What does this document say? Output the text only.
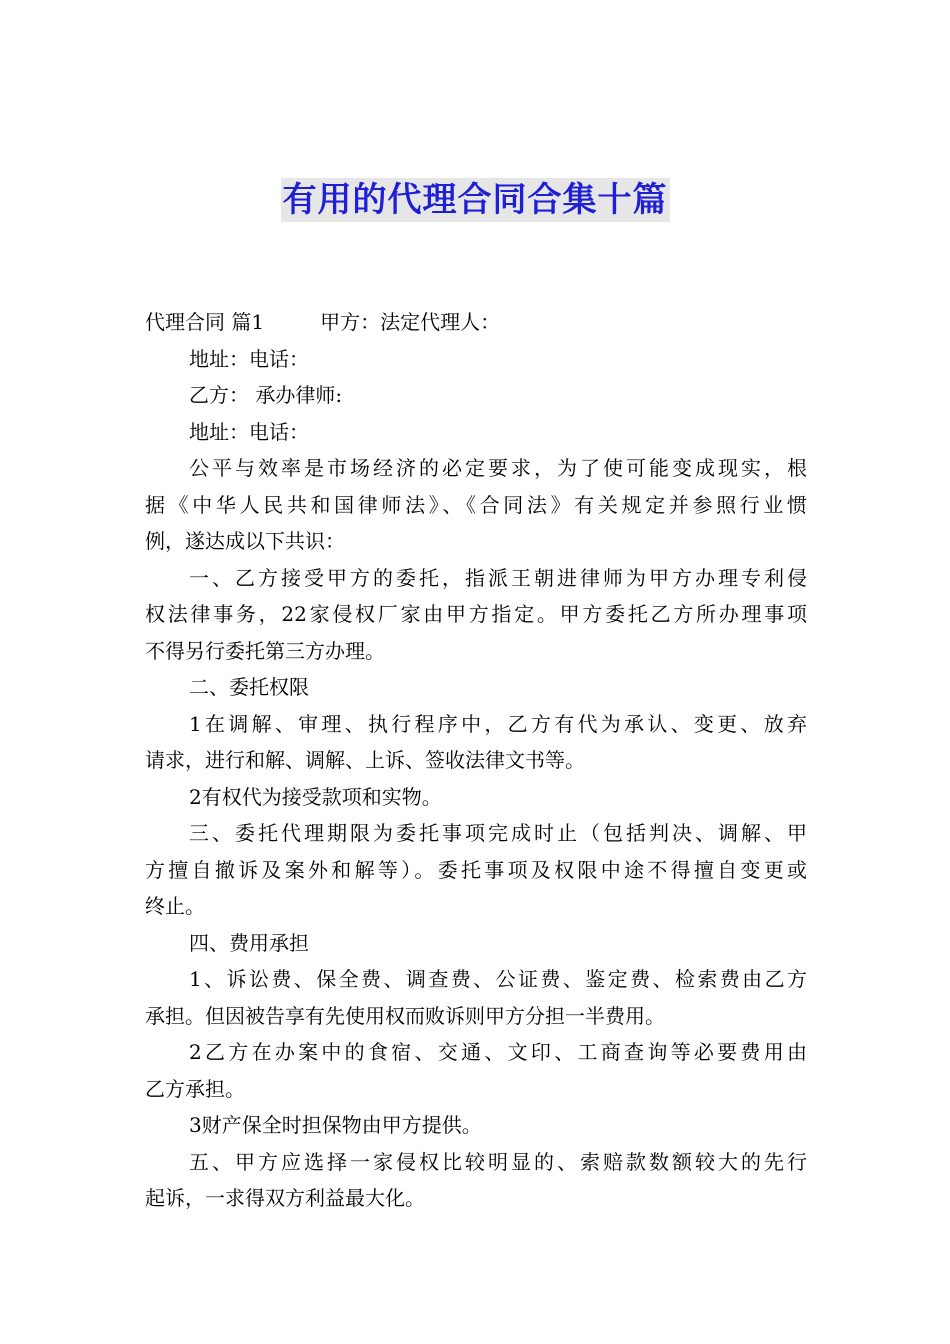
有用的代理合同合集十篇
代理合同 篇1	甲方：法定代理人：
地址：电话：
乙方： 承办律师:
地址：电话：
公平与效率是市场经济的必定要求，为了使可能变成现实，根
据《中华人民共和国律师法》、《合同法》有关规定并参照行业惯
例，遂达成以下共识：
一、乙方接受甲方的委托，指派王朝进律师为甲方办理专利侵
权法律事务，22家侵权厂家由甲方指定。甲方委托乙方所办理事项
不得另行委托第三方办理。
二、委托权限
1在调解、审理、执行程序中，乙方有代为承认、变更、放弃
请求，进行和解、调解、上诉、签收法律文书等。
2有权代为接受款项和实物。
三、委托代理期限为委托事项完成时止（包括判决、调解、甲
方擅自撤诉及案外和解等）。委托事项及权限中途不得擅自变更或
终止。
四、费用承担
1、诉讼费、保全费、调查费、公证费、鉴定费、检索费由乙方
承担。但因被告享有先使用权而败诉则甲方分担一半费用。
2乙方在办案中的食宿、交通、文印、工商查询等必要费用由
乙方承担。
3财产保全时担保物由甲方提供。
五、甲方应选择一家侵权比较明显的、索赔款数额较大的先行
起诉，一求得双方利益最大化。
